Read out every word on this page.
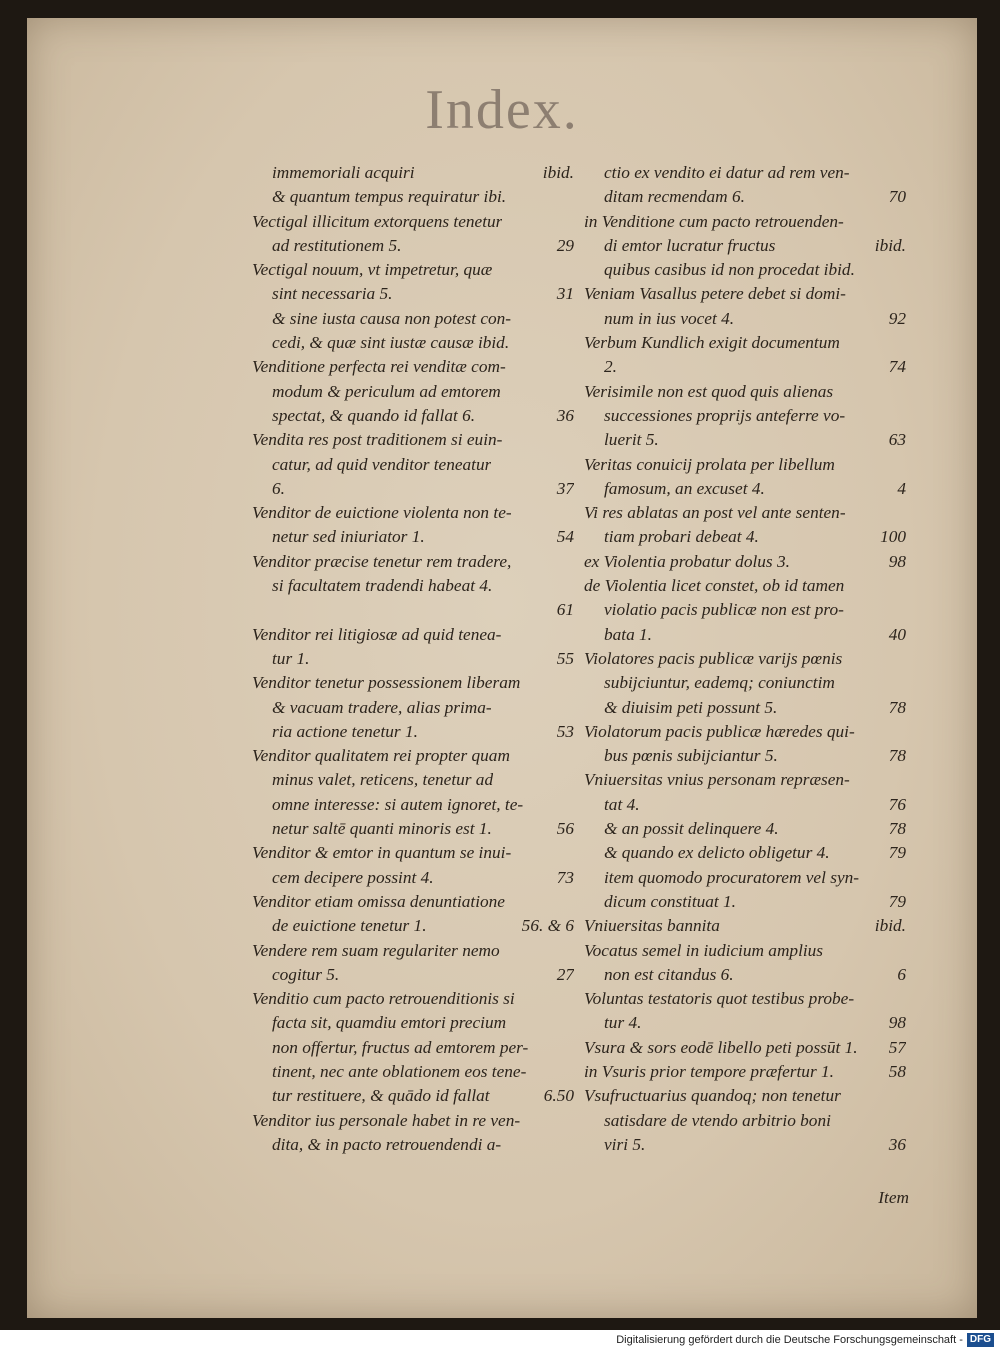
Index.
immemoriali acquiri	ibid.
& quantum tempus requiratur ibi.
Vectigal illicitum extorquens tenetur
ad restitutionem 5.	29
Vectigal nouum, vt impetretur, quæ
sint necessaria 5.	31
& sine iusta causa non potest con-
cedi, & quæ sint iustæ causæ ibid.
Venditione perfecta rei venditæ com-
modum & periculum ad emtorem
spectat, & quando id fallat 6.	36
Vendita res post traditionem si euin-
catur, ad quid venditor teneatur
6.	37
Venditor de euictione violenta non te-
netur sed iniuriator 1.	54
Venditor præcise tenetur rem tradere,
si facultatem tradendi habeat 4.
61
Venditor rei litigiosæ ad quid tenea-
tur 1.	55
Venditor tenetur possessionem liberam
& vacuam tradere, alias prima-
ria actione tenetur 1.	53
Venditor qualitatem rei propter quam
minus valet, reticens, tenetur ad
omne interesse: si autem ignoret, te-
netur saltē quanti minoris est 1.	56
Venditor & emtor in quantum se inui-
cem decipere possint 4.	73
Venditor etiam omissa denuntiatione
de euictione tenetur 1.	56. & 6
Vendere rem suam regulariter nemo
cogitur 5.	27
Venditio cum pacto retrouenditionis si
facta sit, quamdiu emtori precium
non offertur, fructus ad emtorem per-
tinent, nec ante oblationem eos tene-
tur restituere, & quādo id fallat	6.50
Venditor ius personale habet in re ven-
dita, & in pacto retrouendendi a-
ctio ex vendito ei datur ad rem ven-
ditam recmendam 6.	70
in Venditione cum pacto retrouenden-
di emtor lucratur fructus	ibid.
quibus casibus id non procedat ibid.
Veniam Vasallus petere debet si domi-
num in ius vocet 4.	92
Verbum Kundlich exigit documentum
2.	74
Verisimile non est quod quis alienas
successiones proprijs anteferre vo-
luerit 5.	63
Veritas conuicij prolata per libellum
famosum, an excuset 4.	4
Vi res ablatas an post vel ante senten-
tiam probari debeat 4.	100
ex Violentia probatur dolus 3.	98
de Violentia licet constet, ob id tamen
violatio pacis publicæ non est pro-
bata 1.	40
Violatores pacis publicæ varijs pœnis
subijciuntur, eademq; coniunctim
& diuisim peti possunt 5.	78
Violatorum pacis publicæ hæredes qui-
bus pœnis subijciantur 5.	78
Vniuersitas vnius personam repræsen-
tat 4.	76
& an possit delinquere 4.	78
& quando ex delicto obligetur 4.	79
item quomodo procuratorem vel syn-
dicum constituat 1.	79
Vniuersitas bannita	ibid.
Vocatus semel in iudicium amplius
non est citandus 6.	6
Voluntas testatoris quot testibus probe-
tur 4.	98
Vsura & sors eodē libello peti possūt 1.	57
in Vsuris prior tempore præfertur 1.	58
Vsufructuarius quandoq; non tenetur
satisdare de vtendo arbitrio boni
viri 5.	36
Item
Digitalisierung gefördert durch die Deutsche Forschungsgemeinschaft - DFG
